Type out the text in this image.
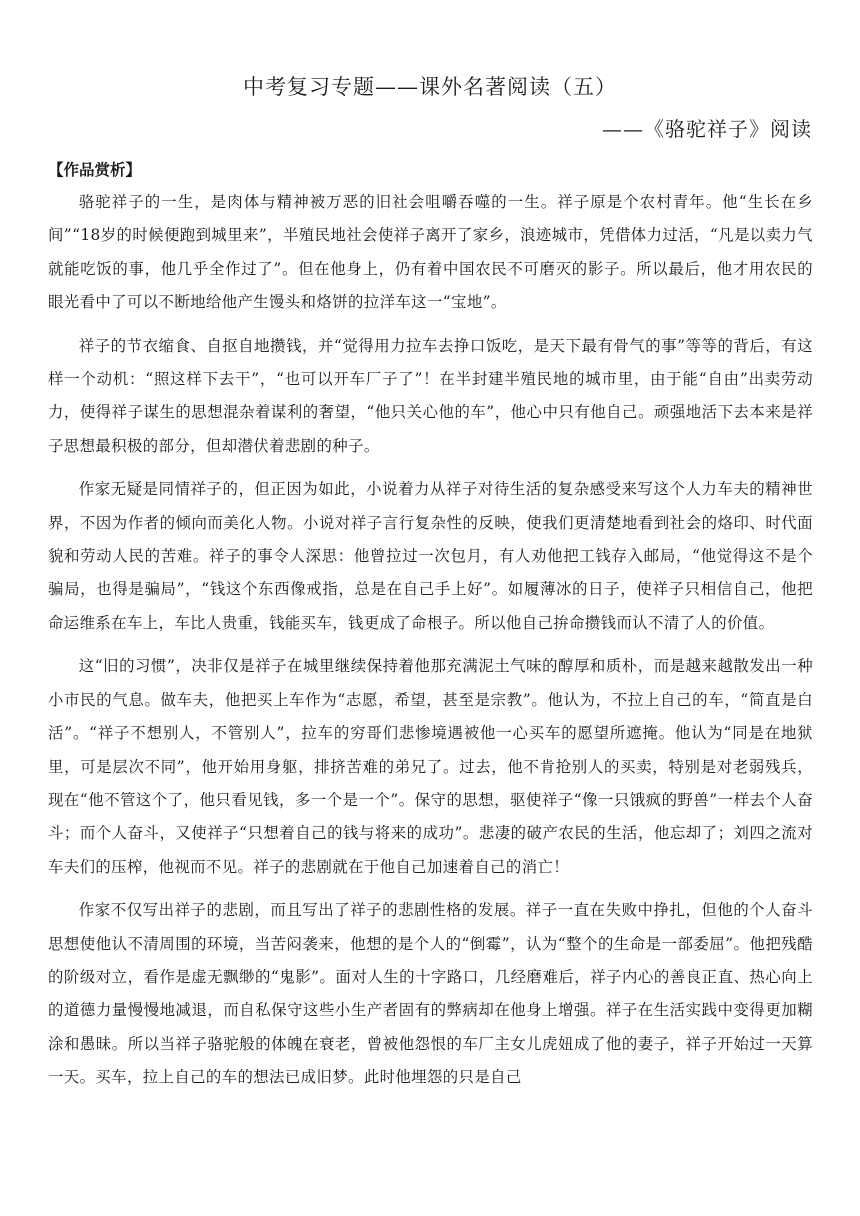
中考复习专题——课外名著阅读（五）
——《骆驼祥子》阅读
【作品赏析】

骆驼祥子的一生，是肉体与精神被万恶的旧社会咀嚼吞噬的一生。祥子原是个农村青年。他“生长在乡间”“18岁的时候便跑到城里来”，半殖民地社会使祥子离开了家乡，浪迹城市，凭借体力过活，“凡是以卖力气就能吃饭的事，他几乎全作过了”。但在他身上，仍有着中国农民不可磨灭的影子。所以最后，他才用农民的眼光看中了可以不断地给他产生馒头和烙饼的拉洋车这一“宝地”。

祥子的节衣缩食、自抠自地攒钱，并“觉得用力拉车去挣口饭吃，是天下最有骨气的事”等等的背后，有这样一个动机：“照这样下去干”，“也可以开车厂子了”！在半封建半殖民地的城市里，由于能“自由”出卖劳动力，使得祥子谋生的思想混杂着谋利的奢望，“他只关心他的车”，他心中只有他自己。顽强地活下去本来是祥子思想最积极的部分，但却潜伏着悲剧的种子。

作家无疑是同情祥子的，但正因为如此，小说着力从祥子对待生活的复杂感受来写这个人力车夫的精神世界，不因为作者的倾向而美化人物。小说对祥子言行复杂性的反映，使我们更清楚地看到社会的烙印、时代面貌和劳动人民的苦难。祥子的事令人深思：他曾拉过一次包月，有人劝他把工钱存入邮局，“他觉得这不是个骗局，也得是骗局”，“钱这个东西像戒指，总是在自己手上好”。如履薄冰的日子，使祥子只相信自己，他把命运维系在车上，车比人贵重，钱能买车，钱更成了命根子。所以他自己拚命攒钱而认不清了人的价值。

这“旧的习惯”，决非仅是祥子在城里继续保持着他那充满泥土气味的醇厚和质朴，而是越来越散发出一种小市民的气息。做车夫，他把买上车作为“志愿，希望，甚至是宗教”。他认为，不拉上自己的车，“简直是白活”。“祥子不想别人，不管别人”，拉车的穷哥们悲惨境遇被他一心买车的愿望所遮掩。他认为“同是在地狱里，可是层次不同”，他开始用身躯，排挤苦难的弟兄了。过去，他不肯抢别人的买卖，特别是对老弱残兵，现在“他不管这个了，他只看见钱，多一个是一个”。保守的思想，驱使祥子“像一只饿疯的野兽”一样去个人奋斗；而个人奋斗，又使祥子“只想着自己的钱与将来的成功”。悲凄的破产农民的生活，他忘却了；刘四之流对车夫们的压榨，他视而不见。祥子的悲剧就在于他自己加速着自己的消亡！

作家不仅写出祥子的悲剧，而且写出了祥子的悲剧性格的发展。祥子一直在失败中挣扎，但他的个人奋斗思想使他认不清周围的环境，当苦闷袭来，他想的是个人的“倒霉”，认为“整个的生命是一部委屈”。他把残酷的阶级对立，看作是虚无飘缈的“鬼影”。面对人生的十字路口，几经磨难后，祥子内心的善良正直、热心向上的道德力量慢慢地减退，而自私保守这些小生产者固有的弊病却在他身上增强。祥子在生活实践中变得更加糊涂和愚昧。所以当祥子骆驼般的体魄在衰老，曾被他怨恨的车厂主女儿虎妞成了他的妻子，祥子开始过一天算一天。买车，拉上自己的车的想法已成旧梦。此时他埋怨的只是自己
